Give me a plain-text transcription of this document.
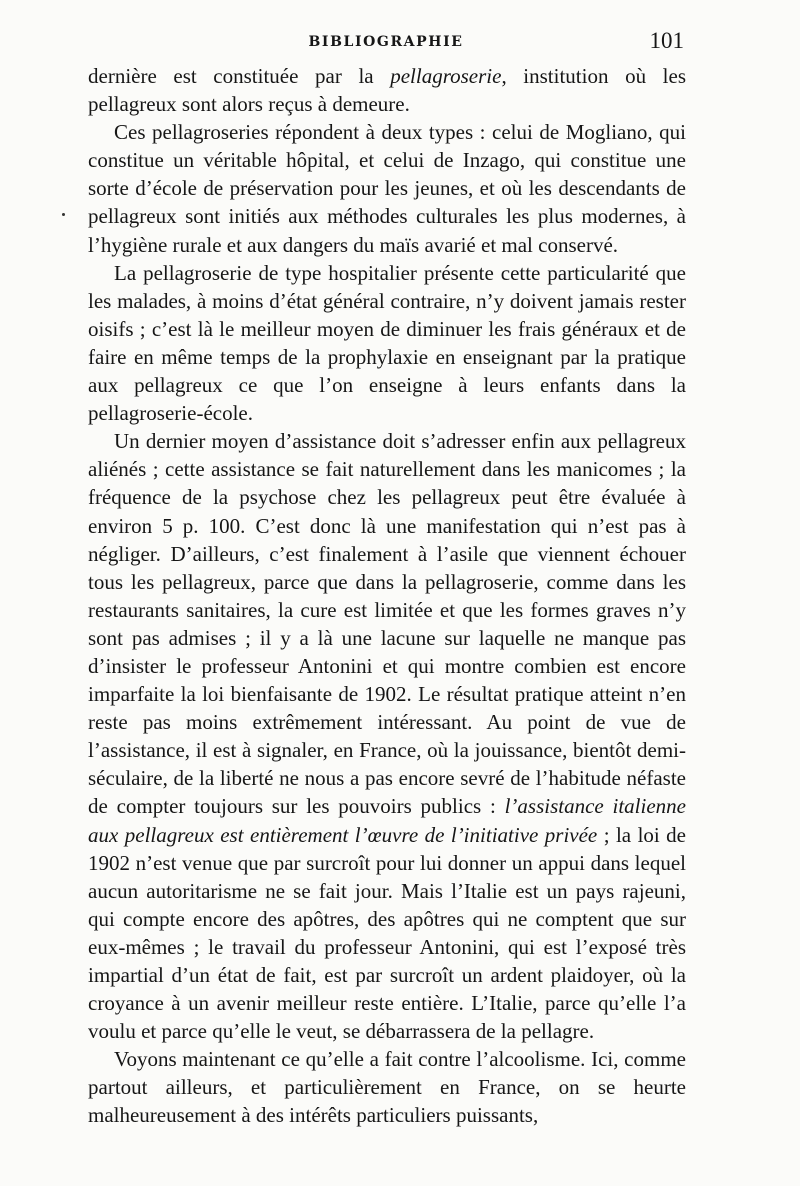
BIBLIOGRAPHIE	101

dernière est constituée par la pellagroserie, institution où les pellagreux sont alors reçus à demeure.

Ces pellagroseries répondent à deux types : celui de Mogliano, qui constitue un véritable hôpital, et celui de Inzago, qui constitue une sorte d’école de préservation pour les jeunes, et où les descendants de pellagreux sont initiés aux méthodes culturales les plus modernes, à l’hygiène rurale et aux dangers du maïs avarié et mal conservé.

La pellagroserie de type hospitalier présente cette particularité que les malades, à moins d’état général contraire, n’y doivent jamais rester oisifs ; c’est là le meilleur moyen de diminuer les frais généraux et de faire en même temps de la prophylaxie en enseignant par la pratique aux pellagreux ce que l’on enseigne à leurs enfants dans la pellagroserie-école.

Un dernier moyen d’assistance doit s’adresser enfin aux pellagreux aliénés ; cette assistance se fait naturellement dans les manicomes ; la fréquence de la psychose chez les pellagreux peut être évaluée à environ 5 p. 100. C’est donc là une manifestation qui n’est pas à négliger. D’ailleurs, c’est finalement à l’asile que viennent échouer tous les pellagreux, parce que dans la pellagroserie, comme dans les restaurants sanitaires, la cure est limitée et que les formes graves n’y sont pas admises ; il y a là une lacune sur laquelle ne manque pas d’insister le professeur Antonini et qui montre combien est encore imparfaite la loi bienfaisante de 1902. Le résultat pratique atteint n’en reste pas moins extrêmement intéressant. Au point de vue de l’assistance, il est à signaler, en France, où la jouissance, bientôt demi-séculaire, de la liberté ne nous a pas encore sevré de l’habitude néfaste de compter toujours sur les pouvoirs publics : l’assistance italienne aux pellagreux est entièrement l’œuvre de l’initiative privée ; la loi de 1902 n’est venue que par surcroît pour lui donner un appui dans lequel aucun autoritarisme ne se fait jour. Mais l’Italie est un pays rajeuni, qui compte encore des apôtres, des apôtres qui ne comptent que sur eux-mêmes ; le travail du professeur Antonini, qui est l’exposé très impartial d’un état de fait, est par surcroît un ardent plaidoyer, où la croyance à un avenir meilleur reste entière. L’Italie, parce qu’elle l’a voulu et parce qu’elle le veut, se débarrassera de la pellagre.

Voyons maintenant ce qu’elle a fait contre l’alcoolisme. Ici, comme partout ailleurs, et particulièrement en France, on se heurte malheureusement à des intérêts particuliers puissants,
